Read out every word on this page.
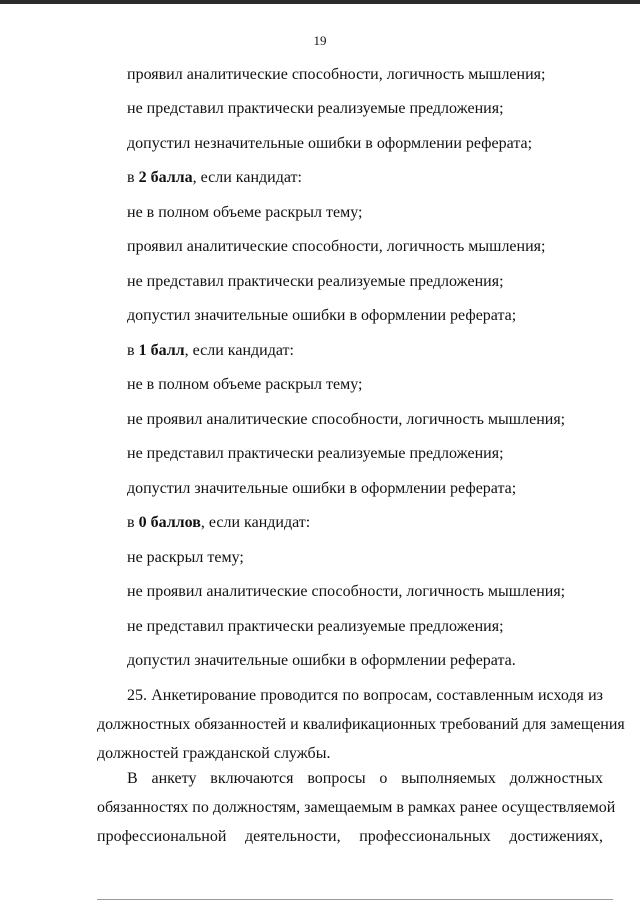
19
проявил аналитические способности, логичность мышления;
не представил практически реализуемые предложения;
допустил незначительные ошибки в оформлении реферата;
в 2 балла, если кандидат:
не в полном объеме раскрыл тему;
проявил аналитические способности, логичность мышления;
не представил практически реализуемые предложения;
допустил значительные ошибки в оформлении реферата;
в 1 балл, если кандидат:
не в полном объеме раскрыл тему;
не проявил аналитические способности, логичность мышления;
не представил практически реализуемые предложения;
допустил значительные ошибки в оформлении реферата;
в 0 баллов, если кандидат:
не раскрыл тему;
не проявил аналитические способности, логичность мышления;
не представил практически реализуемые предложения;
допустил значительные ошибки в оформлении реферата.
25. Анкетирование проводится по вопросам, составленным исходя из
должностных обязанностей и квалификационных требований для замещения
должностей гражданской службы.
В анкету включаются вопросы о выполняемых должностных
обязанностях по должностям, замещаемым в рамках ранее осуществляемой
профессиональной деятельности, профессиональных достижениях,
